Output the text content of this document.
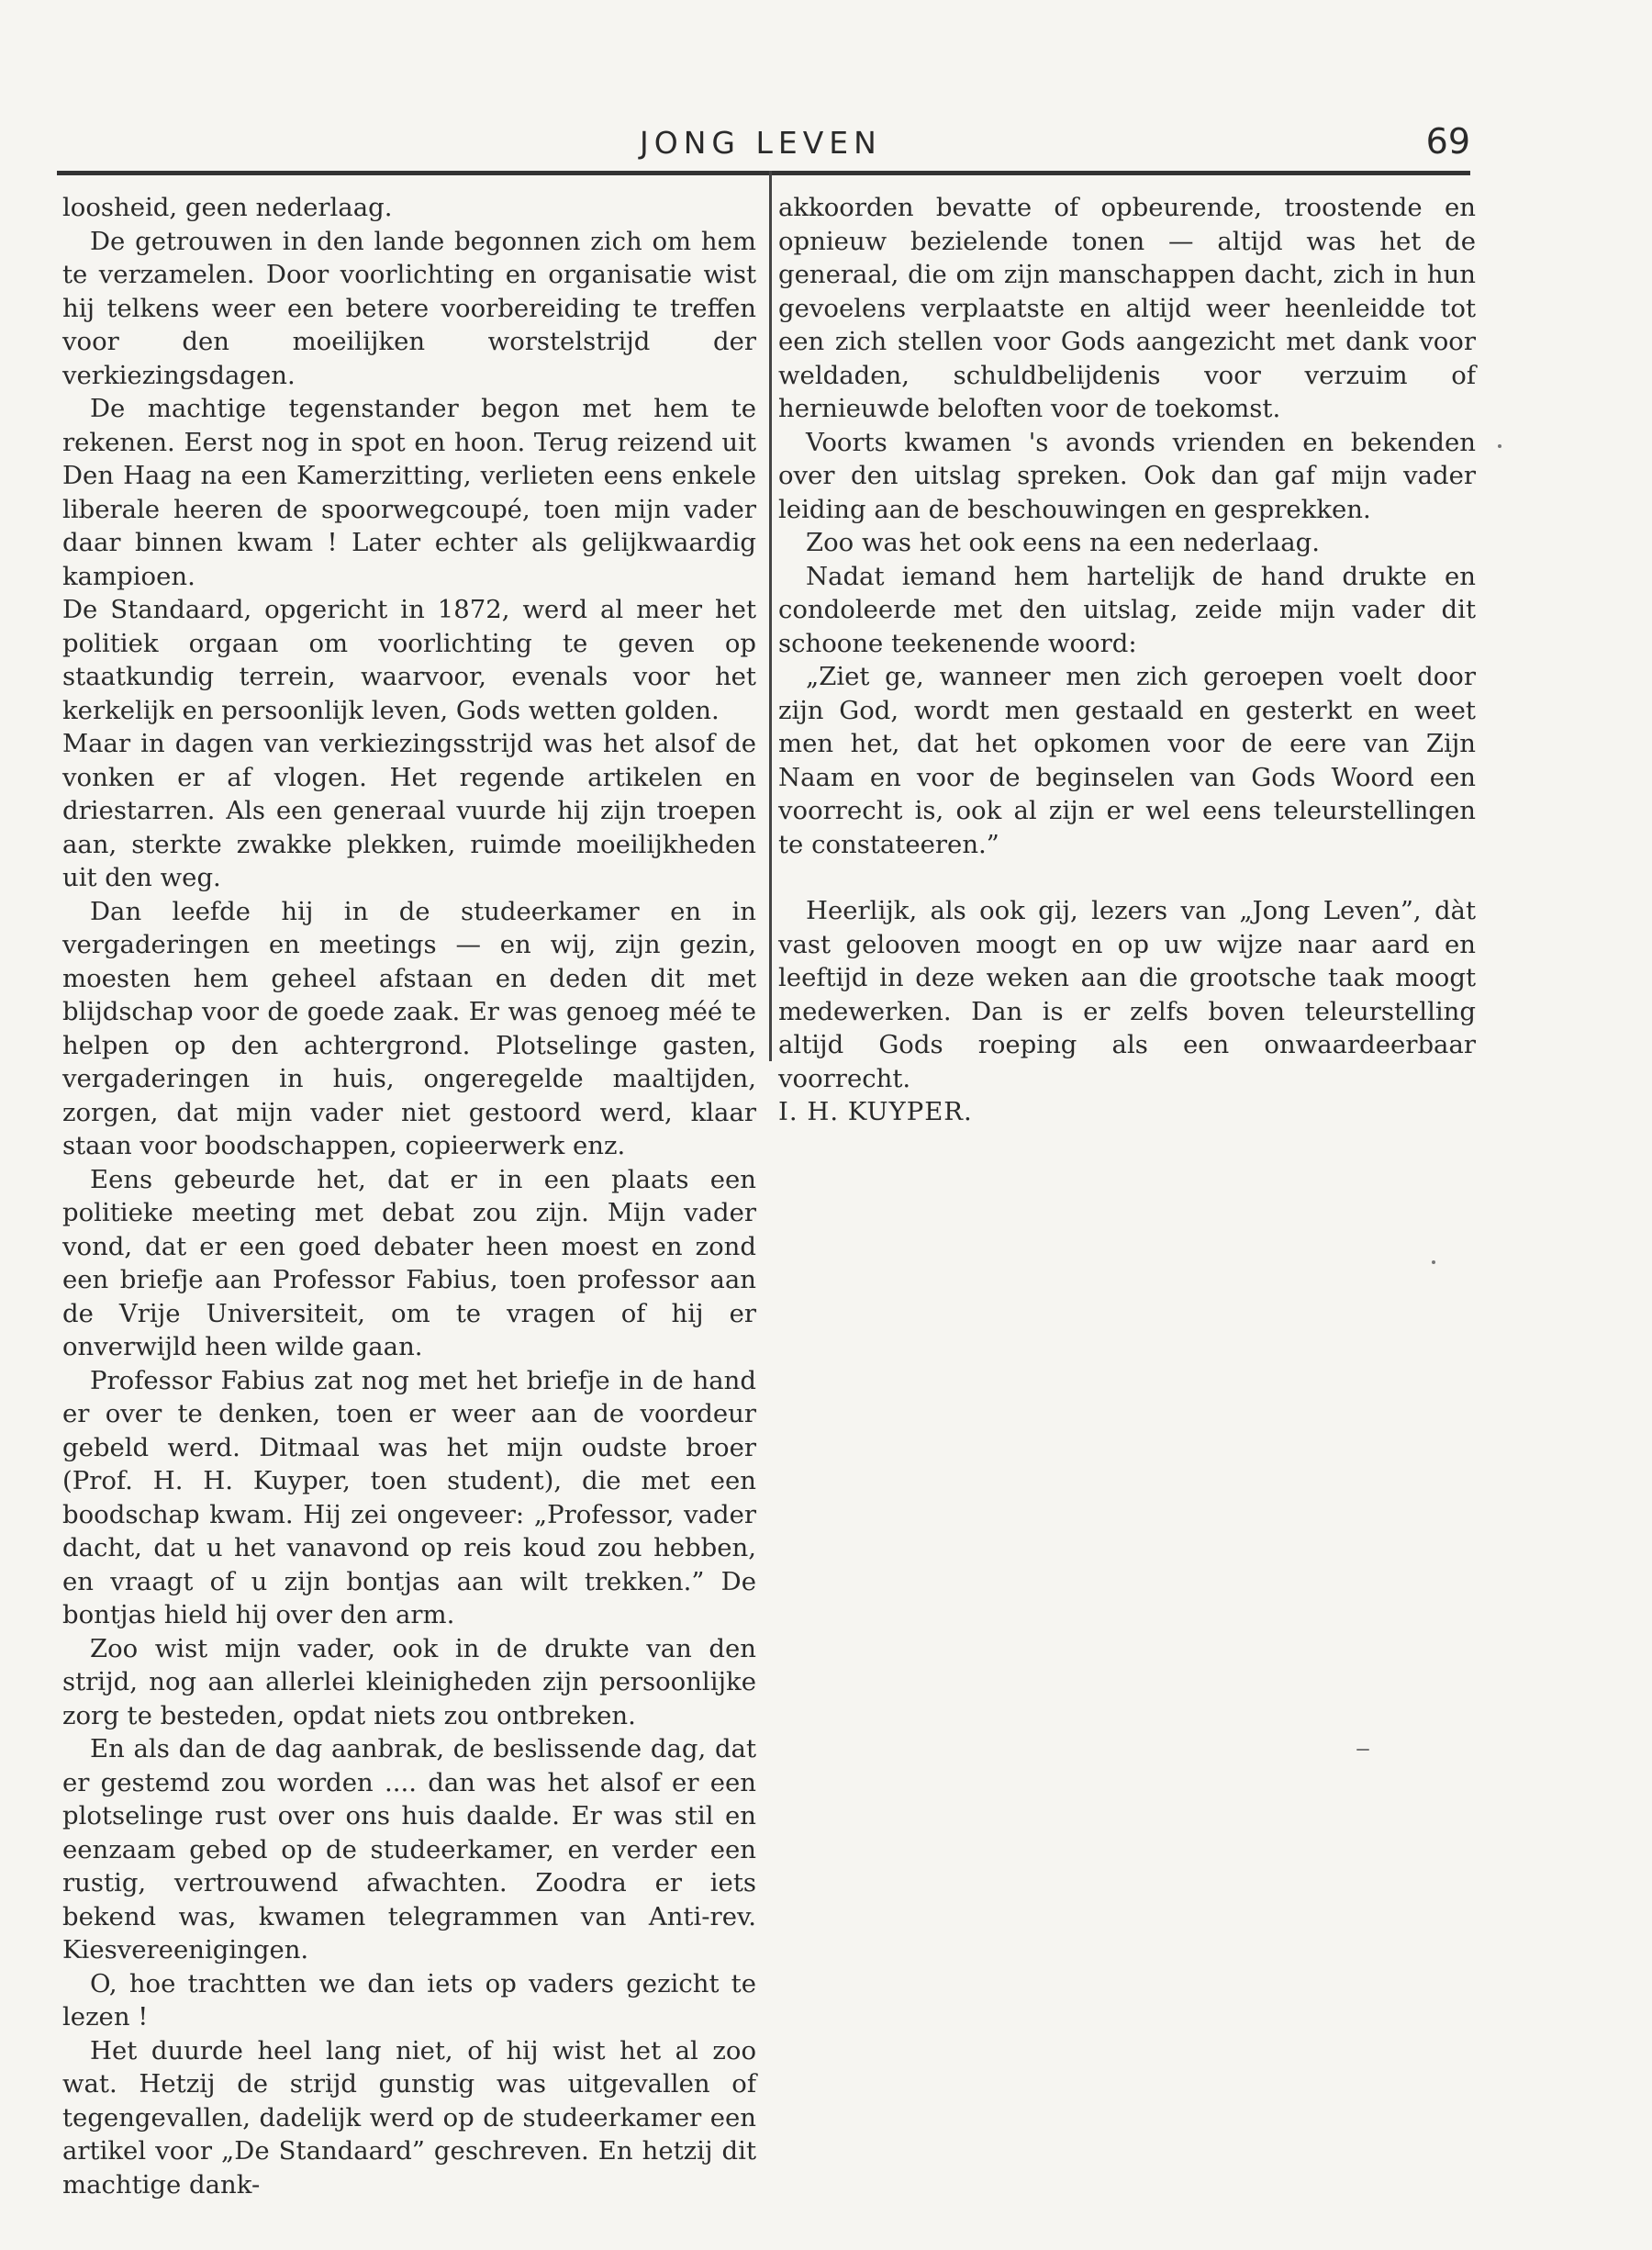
JONG LEVEN	69

loosheid, geen nederlaag.

De getrouwen in den lande begonnen zich om hem te verzamelen. Door voorlichting en organisatie wist hij telkens weer een betere voorbereiding te treffen voor den moeilijken worstelstrijd der verkiezingsdagen.

De machtige tegenstander begon met hem te rekenen. Eerst nog in spot en hoon. Terug reizend uit Den Haag na een Kamerzitting, verlieten eens enkele liberale heeren de spoorwegcoupé, toen mijn vader daar binnen kwam ! Later echter als gelijkwaardig kampioen.

De Standaard, opgericht in 1872, werd al meer het politiek orgaan om voorlichting te geven op staatkundig terrein, waarvoor, evenals voor het kerkelijk en persoonlijk leven, Gods wetten golden.

Maar in dagen van verkiezingsstrijd was het alsof de vonken er af vlogen. Het regende artikelen en driestarren. Als een generaal vuurde hij zijn troepen aan, sterkte zwakke plekken, ruimde moeilijkheden uit den weg.

Dan leefde hij in de studeerkamer en in vergaderingen en meetings — en wij, zijn gezin, moesten hem geheel afstaan en deden dit met blijdschap voor de goede zaak. Er was genoeg méé te helpen op den achtergrond. Plotselinge gasten, vergaderingen in huis, ongeregelde maaltijden, zorgen, dat mijn vader niet gestoord werd, klaar staan voor boodschappen, copieerwerk enz.

Eens gebeurde het, dat er in een plaats een politieke meeting met debat zou zijn. Mijn vader vond, dat er een goed debater heen moest en zond een briefje aan Professor Fabius, toen professor aan de Vrije Universiteit, om te vragen of hij er onverwijld heen wilde gaan.

Professor Fabius zat nog met het briefje in de hand er over te denken, toen er weer aan de voordeur gebeld werd. Ditmaal was het mijn oudste broer (Prof. H. H. Kuyper, toen student), die met een boodschap kwam. Hij zei ongeveer: „Professor, vader dacht, dat u het vanavond op reis koud zou hebben, en vraagt of u zijn bontjas aan wilt trekken.” De bontjas hield hij over den arm.

Zoo wist mijn vader, ook in de drukte van den strijd, nog aan allerlei kleinigheden zijn persoonlijke zorg te besteden, opdat niets zou ontbreken.

En als dan de dag aanbrak, de beslissende dag, dat er gestemd zou worden .... dan was het alsof er een plotselinge rust over ons huis daalde. Er was stil en eenzaam gebed op de studeerkamer, en verder een rustig, vertrouwend afwachten. Zoodra er iets bekend was, kwamen telegrammen van Anti-rev. Kiesvereenigingen.

O, hoe trachtten we dan iets op vaders gezicht te lezen !

Het duurde heel lang niet, of hij wist het al zoo wat. Hetzij de strijd gunstig was uitgevallen of tegengevallen, dadelijk werd op de studeerkamer een artikel voor „De Standaard” geschreven. En hetzij dit machtige dank-

akkoorden bevatte of opbeurende, troostende en opnieuw bezielende tonen — altijd was het de generaal, die om zijn manschappen dacht, zich in hun gevoelens verplaatste en altijd weer heenleidde tot een zich stellen voor Gods aangezicht met dank voor weldaden, schuldbelijdenis voor verzuim of hernieuwde beloften voor de toekomst.

Voorts kwamen 's avonds vrienden en bekenden over den uitslag spreken. Ook dan gaf mijn vader leiding aan de beschouwingen en gesprekken.

Zoo was het ook eens na een nederlaag.

Nadat iemand hem hartelijk de hand drukte en condoleerde met den uitslag, zeide mijn vader dit schoone teekenende woord:

„Ziet ge, wanneer men zich geroepen voelt door zijn God, wordt men gestaald en gesterkt en weet men het, dat het opkomen voor de eere van Zijn Naam en voor de beginselen van Gods Woord een voorrecht is, ook al zijn er wel eens teleurstellingen te constateeren.”

Heerlijk, als ook gij, lezers van „Jong Leven”, dàt vast gelooven moogt en op uw wijze naar aard en leeftijd in deze weken aan die grootsche taak moogt medewerken. Dan is er zelfs boven teleurstelling altijd Gods roeping als een onwaardeerbaar voorrecht.

I. H. KUYPER.
